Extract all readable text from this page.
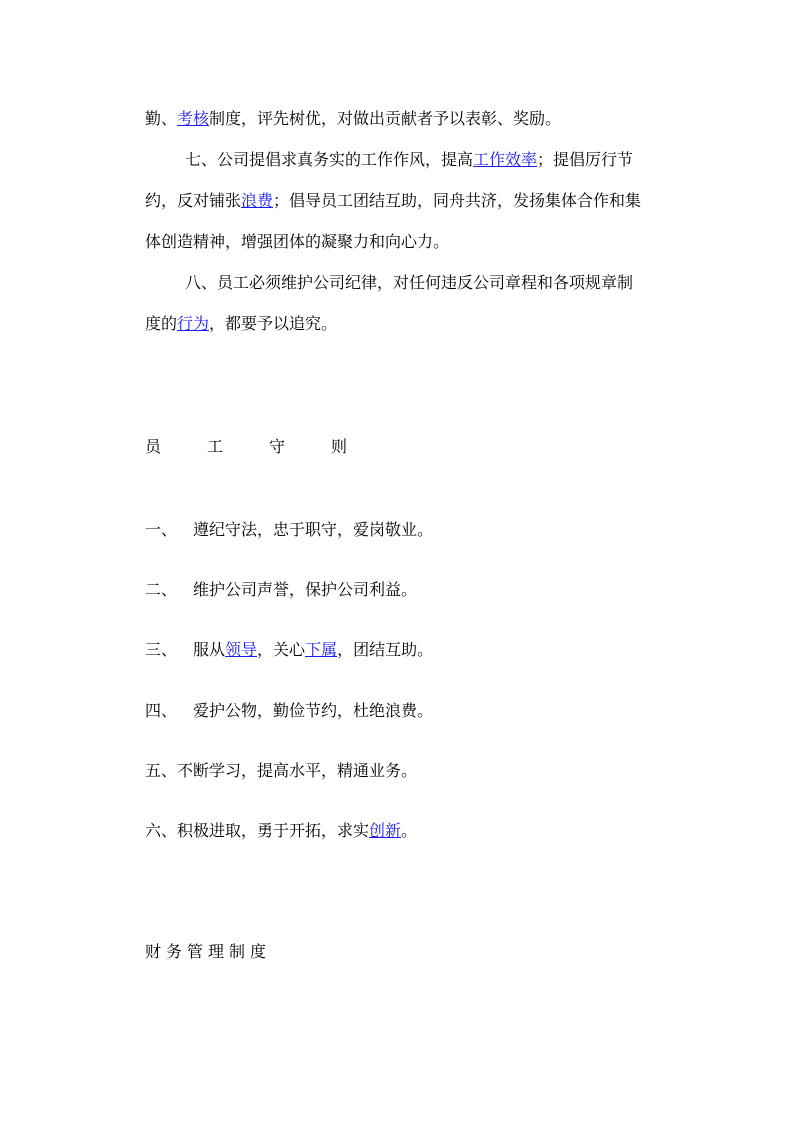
勤、考核制度，评先树优，对做出贡献者予以表彰、奖励。
七、公司提倡求真务实的工作作风，提高工作效率；提倡厉行节约，反对铺张浪费；倡导员工团结互助，同舟共济，发扬集体合作和集体创造精神，增强团体的凝聚力和向心力。
八、员工必须维护公司纪律，对任何违反公司章程和各项规章制度的行为，都要予以追究。
员	工	守	则
一、 遵纪守法，忠于职守，爱岗敬业。
二、 维护公司声誉，保护公司利益。
三、 服从领导，关心下属，团结互助。
四、 爱护公物，勤俭节约，杜绝浪费。
五、不断学习，提高水平，精通业务。
六、积极进取，勇于开拓，求实创新。
财 务 管 理 制 度
